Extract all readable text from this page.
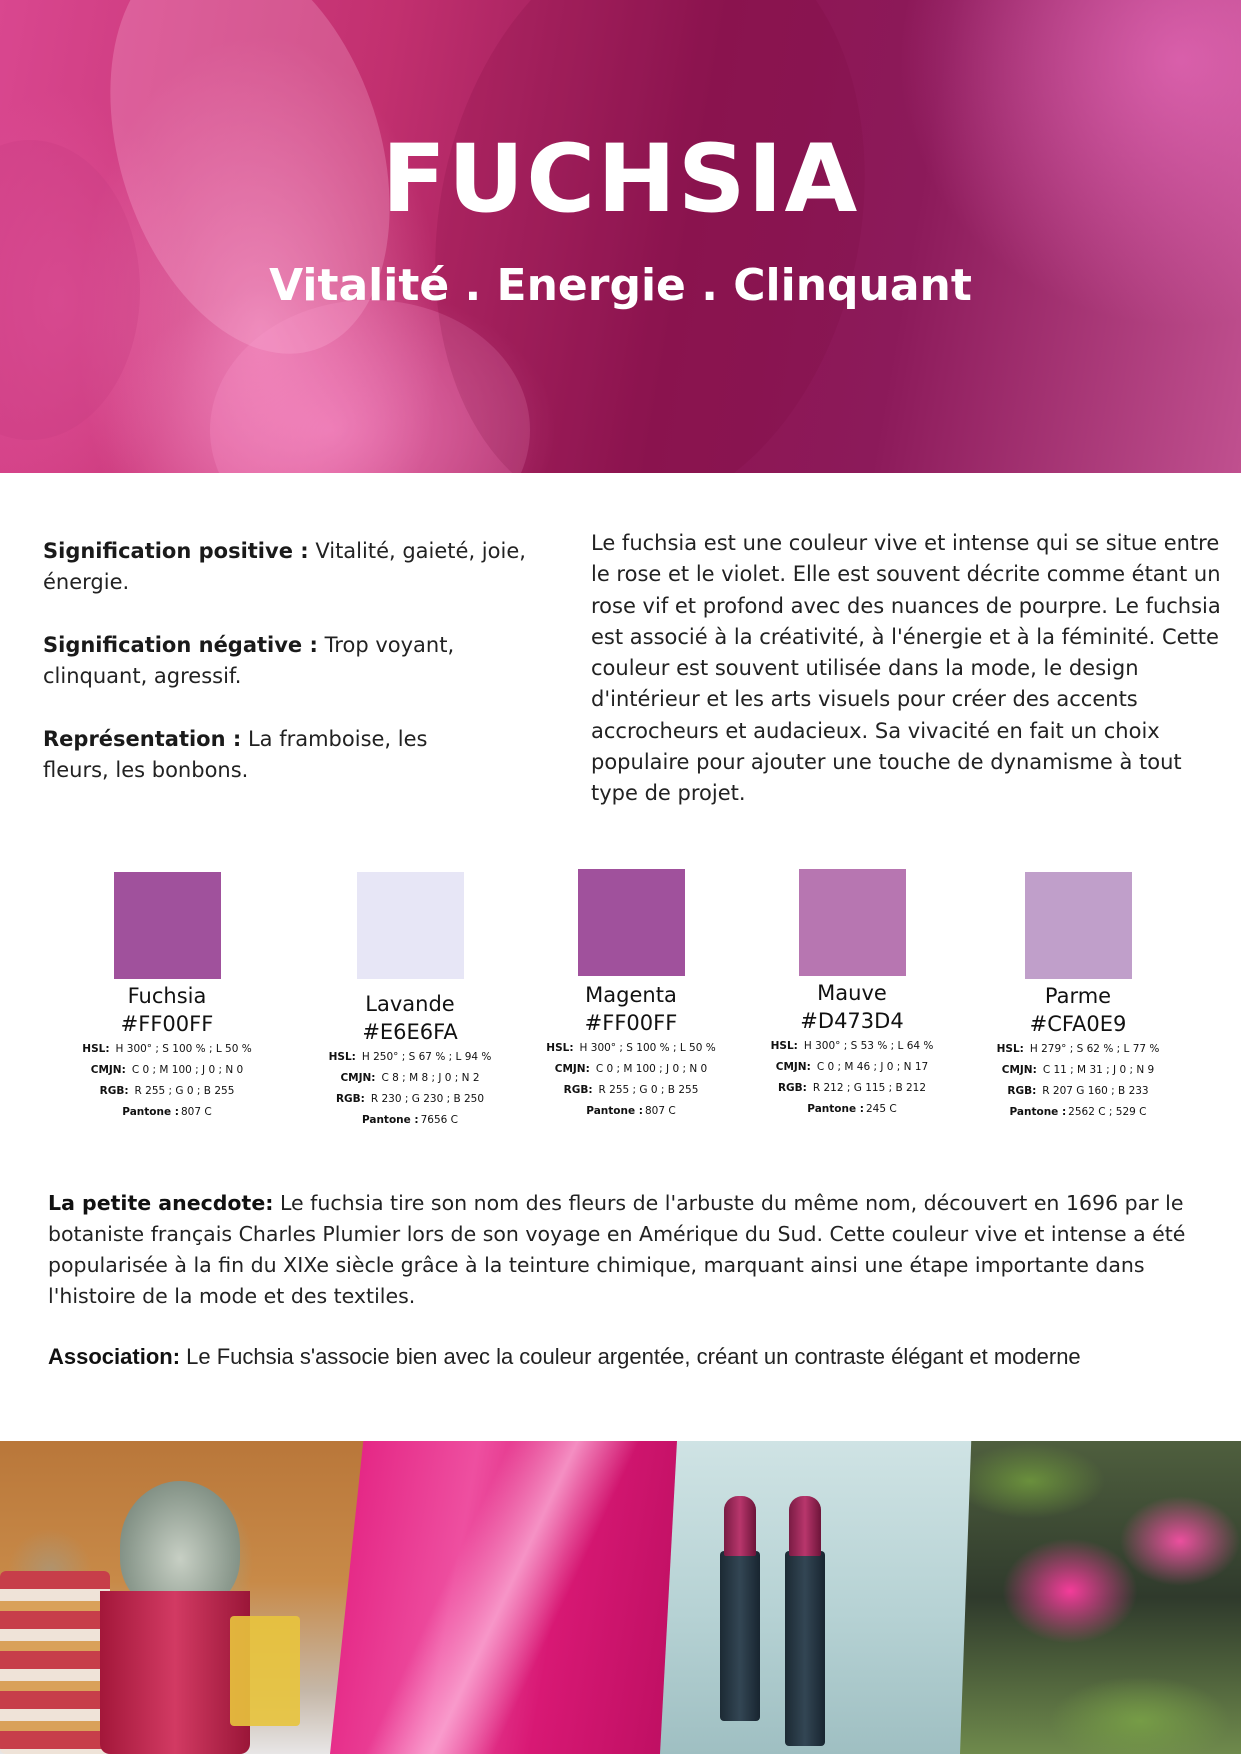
FUCHSIA
Vitalité . Energie . Clinquant

Signification positive : Vitalité, gaieté, joie, énergie.

Signification négative : Trop voyant, clinquant, agressif.

Représentation : La framboise, les fleurs, les bonbons.

Le fuchsia est une couleur vive et intense qui se situe entre le rose et le violet. Elle est souvent décrite comme étant un rose vif et profond avec des nuances de pourpre. Le fuchsia est associé à la créativité, à l'énergie et à la féminité. Cette couleur est souvent utilisée dans la mode, le design d'intérieur et les arts visuels pour créer des accents accrocheurs et audacieux. Sa vivacité en fait un choix populaire pour ajouter une touche de dynamisme à tout type de projet.
Fuchsia
#FF00FF
HSL: H 300° ; S 100 % ; L 50 %
CMJN: C 0 ; M 100 ; J 0 ; N 0
RGB: R 255 ; G 0 ; B 255
Pantone : 807 C
Lavande
#E6E6FA
HSL: H 250° ; S 67 % ; L 94 %
CMJN: C 8 ; M 8 ; J 0 ; N 2
RGB: R 230 ; G 230 ; B 250
Pantone : 7656 C
Magenta
#FF00FF
HSL: H 300° ; S 100 % ; L 50 %
CMJN: C 0 ; M 100 ; J 0 ; N 0
RGB: R 255 ; G 0 ; B 255
Pantone : 807 C
Mauve
#D473D4
HSL: H 300° ; S 53 % ; L 64 %
CMJN: C 0 ; M 46 ; J 0 ; N 17
RGB: R 212 ; G 115 ; B 212
Pantone : 245 C
Parme
#CFA0E9
HSL: H 279° ; S 62 % ; L 77 %
CMJN: C 11 ; M 31 ; J 0 ; N 9
RGB: R 207 G 160 ; B 233
Pantone : 2562 C ; 529 C

La petite anecdote: Le fuchsia tire son nom des fleurs de l'arbuste du même nom, découvert en 1696 par le botaniste français Charles Plumier lors de son voyage en Amérique du Sud. Cette couleur vive et intense a été popularisée à la fin du XIXe siècle grâce à la teinture chimique, marquant ainsi une étape importante dans l'histoire de la mode et des textiles.

Association: Le Fuchsia s'associe bien avec la couleur argentée, créant un contraste élégant et moderne
